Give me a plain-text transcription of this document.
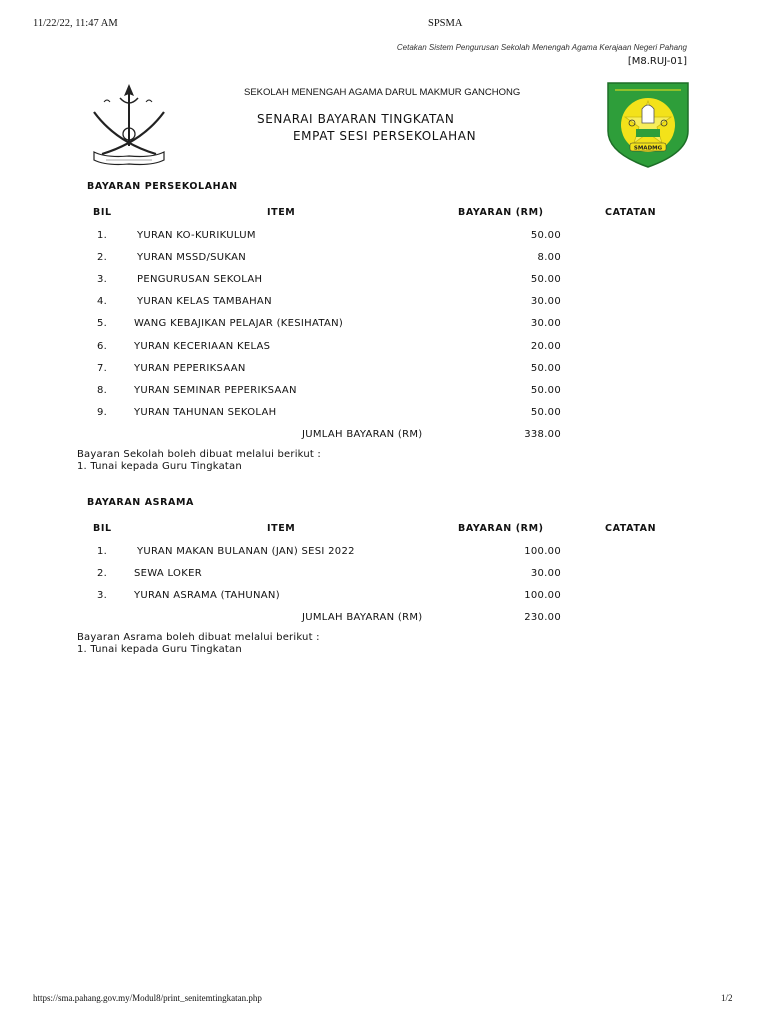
11/22/22, 11:47 AM	SPSMA
Cetakan Sistem Pengurusan Sekolah Menengah Agama Kerajaan Negeri Pahang
[M8.RUJ-01]
SMADMG
SEKOLAH MENENGAH AGAMA DARUL MAKMUR GANCHONG
SENARAI BAYARAN TINGKATAN
EMPAT SESI PERSEKOLAHAN
BAYARAN PERSEKOLAHAN
BIL	ITEM	BAYARAN (RM)	CATATAN
1.	YURAN KO-KURIKULUM	50.00
2.	YURAN MSSD/SUKAN	8.00
3.	PENGURUSAN SEKOLAH	50.00
4.	YURAN KELAS TAMBAHAN	30.00
5.	WANG KEBAJIKAN PELAJAR (KESIHATAN)	30.00
6.	YURAN KECERIAAN KELAS	20.00
7.	YURAN PEPERIKSAAN	50.00
8.	YURAN SEMINAR PEPERIKSAAN	50.00
9.	YURAN TAHUNAN SEKOLAH	50.00
JUMLAH BAYARAN (RM)	338.00
Bayaran Sekolah boleh dibuat melalui berikut :
1. Tunai kepada Guru Tingkatan
BAYARAN ASRAMA
BIL	ITEM	BAYARAN (RM)	CATATAN
1.	YURAN MAKAN BULANAN (JAN) SESI 2022	100.00
2.	SEWA LOKER	30.00
3.	YURAN ASRAMA (TAHUNAN)	100.00
JUMLAH BAYARAN (RM)	230.00
Bayaran Asrama boleh dibuat melalui berikut :
1. Tunai kepada Guru Tingkatan
https://sma.pahang.gov.my/Modul8/print_senitemtingkatan.php	1/2
